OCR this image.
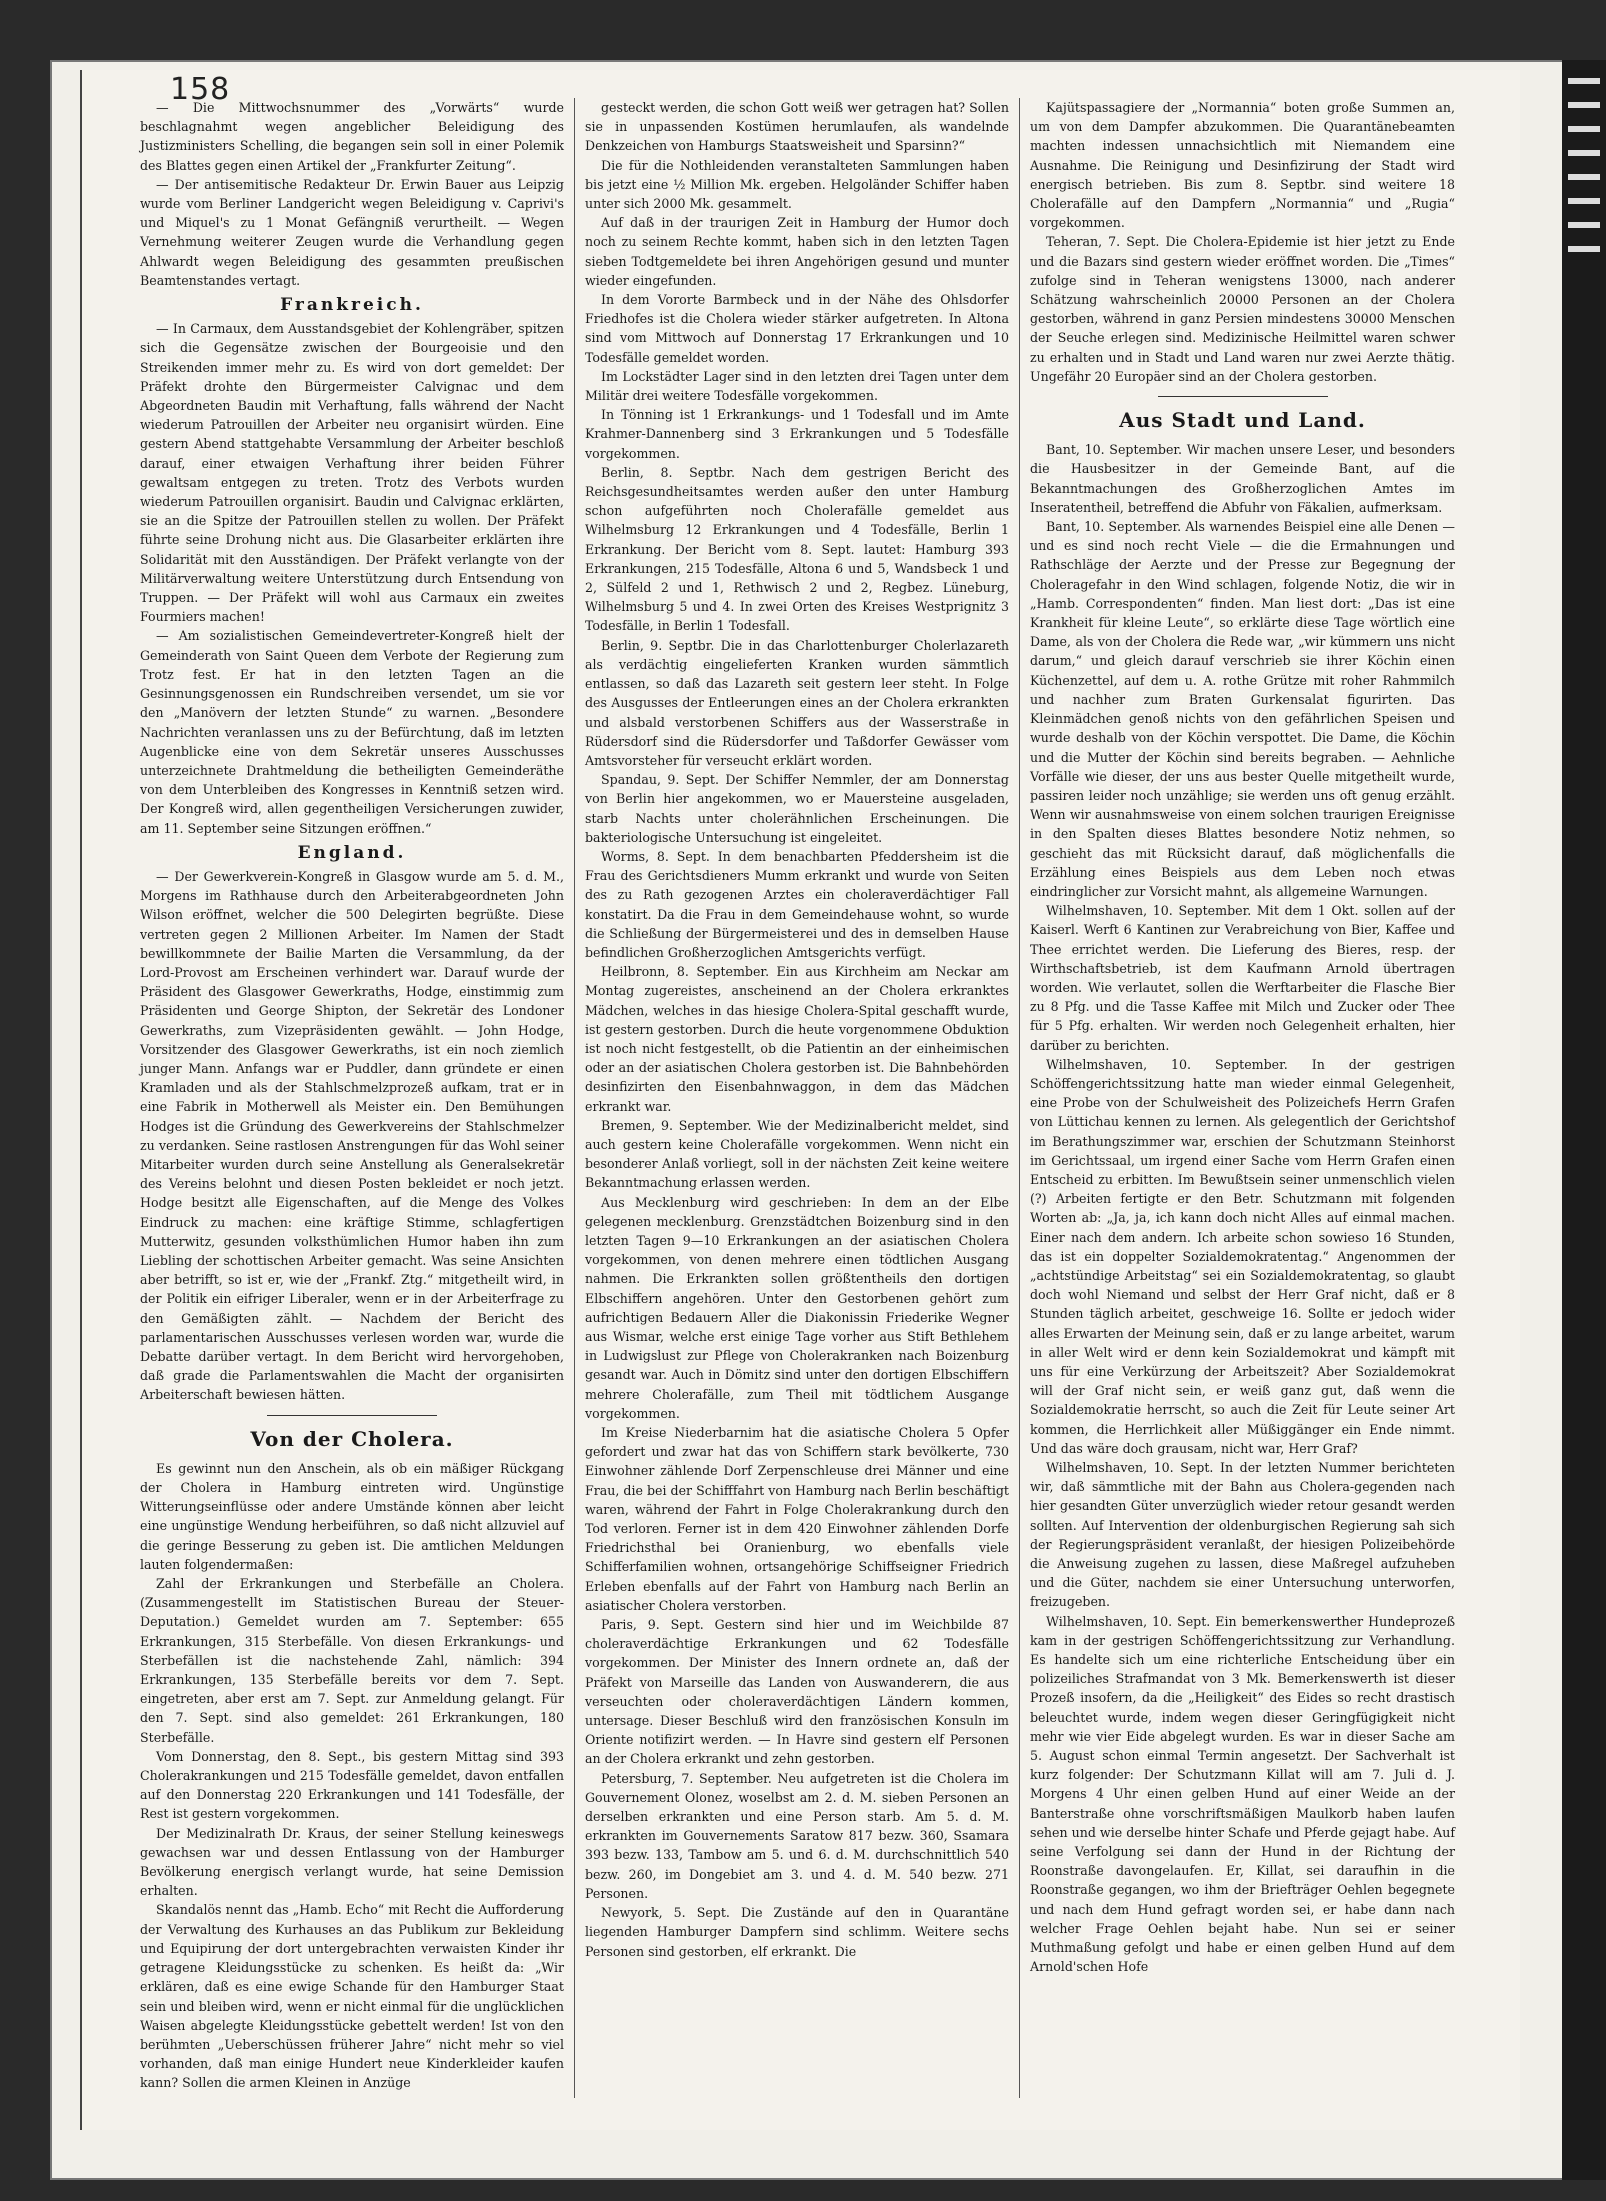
158

— Die Mittwochsnummer des „Vorwärts“ wurde beschlagnahmt wegen angeblicher Beleidigung des Justizministers Schelling, die begangen sein soll in einer Polemik des Blattes gegen einen Artikel der „Frankfurter Zeitung“.

— Der antisemitische Redakteur Dr. Erwin Bauer aus Leipzig wurde vom Berliner Landgericht wegen Beleidigung v. Caprivi's und Miquel's zu 1 Monat Gefängniß verurtheilt. — Wegen Vernehmung weiterer Zeugen wurde die Verhandlung gegen Ahlwardt wegen Beleidigung des gesammten preußischen Beamtenstandes vertagt.

Frankreich.

— In Carmaux, dem Ausstandsgebiet der Kohlengräber, spitzen sich die Gegensätze zwischen der Bourgeoisie und den Streikenden immer mehr zu. Es wird von dort gemeldet: Der Präfekt drohte den Bürgermeister Calvignac und dem Abgeordneten Baudin mit Verhaftung, falls während der Nacht wiederum Patrouillen der Arbeiter neu organisirt würden. Eine gestern Abend stattgehabte Versammlung der Arbeiter beschloß darauf, einer etwaigen Verhaftung ihrer beiden Führer gewaltsam entgegen zu treten. Trotz des Verbots wurden wiederum Patrouillen organisirt. Baudin und Calvignac erklärten, sie an die Spitze der Patrouillen stellen zu wollen. Der Präfekt führte seine Drohung nicht aus. Die Glasarbeiter erklärten ihre Solidarität mit den Ausständigen. Der Präfekt verlangte von der Militärverwaltung weitere Unterstützung durch Entsendung von Truppen. — Der Präfekt will wohl aus Carmaux ein zweites Fourmiers machen!

— Am sozialistischen Gemeindevertreter-Kongreß hielt der Gemeinderath von Saint Queen dem Verbote der Regierung zum Trotz fest. Er hat in den letzten Tagen an die Gesinnungsgenossen ein Rundschreiben versendet, um sie vor den „Manövern der letzten Stunde“ zu warnen. „Besondere Nachrichten veranlassen uns zu der Befürchtung, daß im letzten Augenblicke eine von dem Sekretär unseres Ausschusses unterzeichnete Drahtmeldung die betheiligten Gemeinderäthe von dem Unterbleiben des Kongresses in Kenntniß setzen wird. Der Kongreß wird, allen gegentheiligen Versicherungen zuwider, am 11. September seine Sitzungen eröffnen.“

England.

— Der Gewerkverein-Kongreß in Glasgow wurde am 5. d. M., Morgens im Rathhause durch den Arbeiterabgeordneten John Wilson eröffnet, welcher die 500 Delegirten begrüßte. Diese vertreten gegen 2 Millionen Arbeiter. Im Namen der Stadt bewillkommnete der Bailie Marten die Versammlung, da der Lord-Provost am Erscheinen verhindert war. Darauf wurde der Präsident des Glasgower Gewerkraths, Hodge, einstimmig zum Präsidenten und George Shipton, der Sekretär des Londoner Gewerkraths, zum Vizepräsidenten gewählt. — John Hodge, Vorsitzender des Glasgower Gewerkraths, ist ein noch ziemlich junger Mann. Anfangs war er Puddler, dann gründete er einen Kramladen und als der Stahlschmelzprozeß aufkam, trat er in eine Fabrik in Motherwell als Meister ein. Den Bemühungen Hodges ist die Gründung des Gewerkvereins der Stahlschmelzer zu verdanken. Seine rastlosen Anstrengungen für das Wohl seiner Mitarbeiter wurden durch seine Anstellung als Generalsekretär des Vereins belohnt und diesen Posten bekleidet er noch jetzt. Hodge besitzt alle Eigenschaften, auf die Menge des Volkes Eindruck zu machen: eine kräftige Stimme, schlagfertigen Mutterwitz, gesunden volksthümlichen Humor haben ihn zum Liebling der schottischen Arbeiter gemacht. Was seine Ansichten aber betrifft, so ist er, wie der „Frankf. Ztg.“ mitgetheilt wird, in der Politik ein eifriger Liberaler, wenn er in der Arbeiterfrage zu den Gemäßigten zählt. — Nachdem der Bericht des parlamentarischen Ausschusses verlesen worden war, wurde die Debatte darüber vertagt. In dem Bericht wird hervorgehoben, daß grade die Parlamentswahlen die Macht der organisirten Arbeiterschaft bewiesen hätten.

Von der Cholera.

Es gewinnt nun den Anschein, als ob ein mäßiger Rückgang der Cholera in Hamburg eintreten wird. Ungünstige Witterungseinflüsse oder andere Umstände können aber leicht eine ungünstige Wendung herbeiführen, so daß nicht allzuviel auf die geringe Besserung zu geben ist. Die amtlichen Meldungen lauten folgendermaßen:

Zahl der Erkrankungen und Sterbefälle an Cholera. (Zusammengestellt im Statistischen Bureau der Steuer-Deputation.) Gemeldet wurden am 7. September: 655 Erkrankungen, 315 Sterbefälle. Von diesen Erkrankungs- und Sterbefällen ist die nachstehende Zahl, nämlich: 394 Erkrankungen, 135 Sterbefälle bereits vor dem 7. Sept. eingetreten, aber erst am 7. Sept. zur Anmeldung gelangt. Für den 7. Sept. sind also gemeldet: 261 Erkrankungen, 180 Sterbefälle.

Vom Donnerstag, den 8. Sept., bis gestern Mittag sind 393 Cholerakrankungen und 215 Todesfälle gemeldet, davon entfallen auf den Donnerstag 220 Erkrankungen und 141 Todesfälle, der Rest ist gestern vorgekommen.

Der Medizinalrath Dr. Kraus, der seiner Stellung keineswegs gewachsen war und dessen Entlassung von der Hamburger Bevölkerung energisch verlangt wurde, hat seine Demission erhalten.

Skandalös nennt das „Hamb. Echo“ mit Recht die Aufforderung der Verwaltung des Kurhauses an das Publikum zur Bekleidung und Equipirung der dort untergebrachten verwaisten Kinder ihr getragene Kleidungsstücke zu schenken. Es heißt da: „Wir erklären, daß es eine ewige Schande für den Hamburger Staat sein und bleiben wird, wenn er nicht einmal für die unglücklichen Waisen abgelegte Kleidungsstücke gebettelt werden! Ist von den berühmten „Ueberschüssen früherer Jahre“ nicht mehr so viel vorhanden, daß man einige Hundert neue Kinderkleider kaufen kann? Sollen die armen Kleinen in Anzüge

gesteckt werden, die schon Gott weiß wer getragen hat? Sollen sie in unpassenden Kostümen herumlaufen, als wandelnde Denkzeichen von Hamburgs Staatsweisheit und Sparsinn?“

Die für die Nothleidenden veranstalteten Sammlungen haben bis jetzt eine ½ Million Mk. ergeben. Helgoländer Schiffer haben unter sich 2000 Mk. gesammelt.

Auf daß in der traurigen Zeit in Hamburg der Humor doch noch zu seinem Rechte kommt, haben sich in den letzten Tagen sieben Todtgemeldete bei ihren Angehörigen gesund und munter wieder eingefunden.

In dem Vororte Barmbeck und in der Nähe des Ohlsdorfer Friedhofes ist die Cholera wieder stärker aufgetreten. In Altona sind vom Mittwoch auf Donnerstag 17 Erkrankungen und 10 Todesfälle gemeldet worden.

Im Lockstädter Lager sind in den letzten drei Tagen unter dem Militär drei weitere Todesfälle vorgekommen.

In Tönning ist 1 Erkrankungs- und 1 Todesfall und im Amte Krahmer-Dannenberg sind 3 Erkrankungen und 5 Todesfälle vorgekommen.

Berlin, 8. Septbr. Nach dem gestrigen Bericht des Reichsgesundheitsamtes werden außer den unter Hamburg schon aufgeführten noch Cholerafälle gemeldet aus Wilhelmsburg 12 Erkrankungen und 4 Todesfälle, Berlin 1 Erkrankung. Der Bericht vom 8. Sept. lautet: Hamburg 393 Erkrankungen, 215 Todesfälle, Altona 6 und 5, Wandsbeck 1 und 2, Sülfeld 2 und 1, Rethwisch 2 und 2, Regbez. Lüneburg, Wilhelmsburg 5 und 4. In zwei Orten des Kreises Westprignitz 3 Todesfälle, in Berlin 1 Todesfall.

Berlin, 9. Septbr. Die in das Charlottenburger Cholerlazareth als verdächtig eingelieferten Kranken wurden sämmtlich entlassen, so daß das Lazareth seit gestern leer steht. In Folge des Ausgusses der Entleerungen eines an der Cholera erkrankten und alsbald verstorbenen Schiffers aus der Wasserstraße in Rüdersdorf sind die Rüdersdorfer und Taßdorfer Gewässer vom Amtsvorsteher für verseucht erklärt worden.

Spandau, 9. Sept. Der Schiffer Nemmler, der am Donnerstag von Berlin hier angekommen, wo er Mauersteine ausgeladen, starb Nachts unter cholerähnlichen Erscheinungen. Die bakteriologische Untersuchung ist eingeleitet.

Worms, 8. Sept. In dem benachbarten Pfeddersheim ist die Frau des Gerichtsdieners Mumm erkrankt und wurde von Seiten des zu Rath gezogenen Arztes ein choleraverdächtiger Fall konstatirt. Da die Frau in dem Gemeindehause wohnt, so wurde die Schließung der Bürgermeisterei und des in demselben Hause befindlichen Großherzoglichen Amtsgerichts verfügt.

Heilbronn, 8. September. Ein aus Kirchheim am Neckar am Montag zugereistes, anscheinend an der Cholera erkranktes Mädchen, welches in das hiesige Cholera-Spital geschafft wurde, ist gestern gestorben. Durch die heute vorgenommene Obduktion ist noch nicht festgestellt, ob die Patientin an der einheimischen oder an der asiatischen Cholera gestorben ist. Die Bahnbehörden desinfizirten den Eisenbahnwaggon, in dem das Mädchen erkrankt war.

Bremen, 9. September. Wie der Medizinalbericht meldet, sind auch gestern keine Cholerafälle vorgekommen. Wenn nicht ein besonderer Anlaß vorliegt, soll in der nächsten Zeit keine weitere Bekanntmachung erlassen werden.

Aus Mecklenburg wird geschrieben: In dem an der Elbe gelegenen mecklenburg. Grenzstädtchen Boizenburg sind in den letzten Tagen 9—10 Erkrankungen an der asiatischen Cholera vorgekommen, von denen mehrere einen tödtlichen Ausgang nahmen. Die Erkrankten sollen größtentheils den dortigen Elbschiffern angehören. Unter den Gestorbenen gehört zum aufrichtigen Bedauern Aller die Diakonissin Friederike Wegner aus Wismar, welche erst einige Tage vorher aus Stift Bethlehem in Ludwigslust zur Pflege von Cholerakranken nach Boizenburg gesandt war. Auch in Dömitz sind unter den dortigen Elbschiffern mehrere Cholerafälle, zum Theil mit tödtlichem Ausgange vorgekommen.

Im Kreise Niederbarnim hat die asiatische Cholera 5 Opfer gefordert und zwar hat das von Schiffern stark bevölkerte, 730 Einwohner zählende Dorf Zerpenschleuse drei Männer und eine Frau, die bei der Schifffahrt von Hamburg nach Berlin beschäftigt waren, während der Fahrt in Folge Cholerakrankung durch den Tod verloren. Ferner ist in dem 420 Einwohner zählenden Dorfe Friedrichsthal bei Oranienburg, wo ebenfalls viele Schifferfamilien wohnen, ortsangehörige Schiffseigner Friedrich Erleben ebenfalls auf der Fahrt von Hamburg nach Berlin an asiatischer Cholera verstorben.

Paris, 9. Sept. Gestern sind hier und im Weichbilde 87 choleraverdächtige Erkrankungen und 62 Todesfälle vorgekommen. Der Minister des Innern ordnete an, daß der Präfekt von Marseille das Landen von Auswanderern, die aus verseuchten oder choleraverdächtigen Ländern kommen, untersage. Dieser Beschluß wird den französischen Konsuln im Oriente notifizirt werden. — In Havre sind gestern elf Personen an der Cholera erkrankt und zehn gestorben.

Petersburg, 7. September. Neu aufgetreten ist die Cholera im Gouvernement Olonez, woselbst am 2. d. M. sieben Personen an derselben erkrankten und eine Person starb. Am 5. d. M. erkrankten im Gouvernements Saratow 817 bezw. 360, Ssamara 393 bezw. 133, Tambow am 5. und 6. d. M. durchschnittlich 540 bezw. 260, im Dongebiet am 3. und 4. d. M. 540 bezw. 271 Personen.

Newyork, 5. Sept. Die Zustände auf den in Quarantäne liegenden Hamburger Dampfern sind schlimm. Weitere sechs Personen sind gestorben, elf erkrankt. Die

Kajütspassagiere der „Normannia“ boten große Summen an, um von dem Dampfer abzukommen. Die Quarantänebeamten machten indessen unnachsichtlich mit Niemandem eine Ausnahme. Die Reinigung und Desinfizirung der Stadt wird energisch betrieben. Bis zum 8. Septbr. sind weitere 18 Cholerafälle auf den Dampfern „Normannia“ und „Rugia“ vorgekommen.

Teheran, 7. Sept. Die Cholera-Epidemie ist hier jetzt zu Ende und die Bazars sind gestern wieder eröffnet worden. Die „Times“ zufolge sind in Teheran wenigstens 13000, nach anderer Schätzung wahrscheinlich 20000 Personen an der Cholera gestorben, während in ganz Persien mindestens 30000 Menschen der Seuche erlegen sind. Medizinische Heilmittel waren schwer zu erhalten und in Stadt und Land waren nur zwei Aerzte thätig. Ungefähr 20 Europäer sind an der Cholera gestorben.

Aus Stadt und Land.

Bant, 10. September. Wir machen unsere Leser, und besonders die Hausbesitzer in der Gemeinde Bant, auf die Bekanntmachungen des Großherzoglichen Amtes im Inseratentheil, betreffend die Abfuhr von Fäkalien, aufmerksam.

Bant, 10. September. Als warnendes Beispiel eine alle Denen — und es sind noch recht Viele — die die Ermahnungen und Rathschläge der Aerzte und der Presse zur Begegnung der Choleragefahr in den Wind schlagen, folgende Notiz, die wir in „Hamb. Correspondenten“ finden. Man liest dort: „Das ist eine Krankheit für kleine Leute“, so erklärte diese Tage wörtlich eine Dame, als von der Cholera die Rede war, „wir kümmern uns nicht darum,“ und gleich darauf verschrieb sie ihrer Köchin einen Küchenzettel, auf dem u. A. rothe Grütze mit roher Rahmmilch und nachher zum Braten Gurkensalat figurirten. Das Kleinmädchen genoß nichts von den gefährlichen Speisen und wurde deshalb von der Köchin verspottet. Die Dame, die Köchin und die Mutter der Köchin sind bereits begraben. — Aehnliche Vorfälle wie dieser, der uns aus bester Quelle mitgetheilt wurde, passiren leider noch unzählige; sie werden uns oft genug erzählt. Wenn wir ausnahmsweise von einem solchen traurigen Ereignisse in den Spalten dieses Blattes besondere Notiz nehmen, so geschieht das mit Rücksicht darauf, daß möglichenfalls die Erzählung eines Beispiels aus dem Leben noch etwas eindringlicher zur Vorsicht mahnt, als allgemeine Warnungen.

Wilhelmshaven, 10. September. Mit dem 1 Okt. sollen auf der Kaiserl. Werft 6 Kantinen zur Verabreichung von Bier, Kaffee und Thee errichtet werden. Die Lieferung des Bieres, resp. der Wirthschaftsbetrieb, ist dem Kaufmann Arnold übertragen worden. Wie verlautet, sollen die Werftarbeiter die Flasche Bier zu 8 Pfg. und die Tasse Kaffee mit Milch und Zucker oder Thee für 5 Pfg. erhalten. Wir werden noch Gelegenheit erhalten, hier darüber zu berichten.

Wilhelmshaven, 10. September. In der gestrigen Schöffengerichtssitzung hatte man wieder einmal Gelegenheit, eine Probe von der Schulweisheit des Polizeichefs Herrn Grafen von Lüttichau kennen zu lernen. Als gelegentlich der Gerichtshof im Berathungszimmer war, erschien der Schutzmann Steinhorst im Gerichtssaal, um irgend einer Sache vom Herrn Grafen einen Entscheid zu erbitten. Im Bewußtsein seiner unmenschlich vielen (?) Arbeiten fertigte er den Betr. Schutzmann mit folgenden Worten ab: „Ja, ja, ich kann doch nicht Alles auf einmal machen. Einer nach dem andern. Ich arbeite schon sowieso 16 Stunden, das ist ein doppelter Sozialdemokratentag.“ Angenommen der „achtstündige Arbeitstag“ sei ein Sozialdemokratentag, so glaubt doch wohl Niemand und selbst der Herr Graf nicht, daß er 8 Stunden täglich arbeitet, geschweige 16. Sollte er jedoch wider alles Erwarten der Meinung sein, daß er zu lange arbeitet, warum in aller Welt wird er denn kein Sozialdemokrat und kämpft mit uns für eine Verkürzung der Arbeitszeit? Aber Sozialdemokrat will der Graf nicht sein, er weiß ganz gut, daß wenn die Sozialdemokratie herrscht, so auch die Zeit für Leute seiner Art kommen, die Herrlichkeit aller Müßiggänger ein Ende nimmt. Und das wäre doch grausam, nicht war, Herr Graf?

Wilhelmshaven, 10. Sept. In der letzten Nummer berichteten wir, daß sämmtliche mit der Bahn aus Cholera-gegenden nach hier gesandten Güter unverzüglich wieder retour gesandt werden sollten. Auf Intervention der oldenburgischen Regierung sah sich der Regierungspräsident veranlaßt, der hiesigen Polizeibehörde die Anweisung zugehen zu lassen, diese Maßregel aufzuheben und die Güter, nachdem sie einer Untersuchung unterworfen, freizugeben.

Wilhelmshaven, 10. Sept. Ein bemerkenswerther Hundeprozeß kam in der gestrigen Schöffengerichtssitzung zur Verhandlung. Es handelte sich um eine richterliche Entscheidung über ein polizeiliches Strafmandat von 3 Mk. Bemerkenswerth ist dieser Prozeß insofern, da die „Heiligkeit“ des Eides so recht drastisch beleuchtet wurde, indem wegen dieser Geringfügigkeit nicht mehr wie vier Eide abgelegt wurden. Es war in dieser Sache am 5. August schon einmal Termin angesetzt. Der Sachverhalt ist kurz folgender: Der Schutzmann Killat will am 7. Juli d. J. Morgens 4 Uhr einen gelben Hund auf einer Weide an der Banterstraße ohne vorschriftsmäßigen Maulkorb haben laufen sehen und wie derselbe hinter Schafe und Pferde gejagt habe. Auf seine Verfolgung sei dann der Hund in der Richtung der Roonstraße davongelaufen. Er, Killat, sei daraufhin in die Roonstraße gegangen, wo ihm der Briefträger Oehlen begegnete und nach dem Hund gefragt worden sei, er habe dann nach welcher Frage Oehlen bejaht habe. Nun sei er seiner Muthmaßung gefolgt und habe er einen gelben Hund auf dem Arnold'schen Hofe
